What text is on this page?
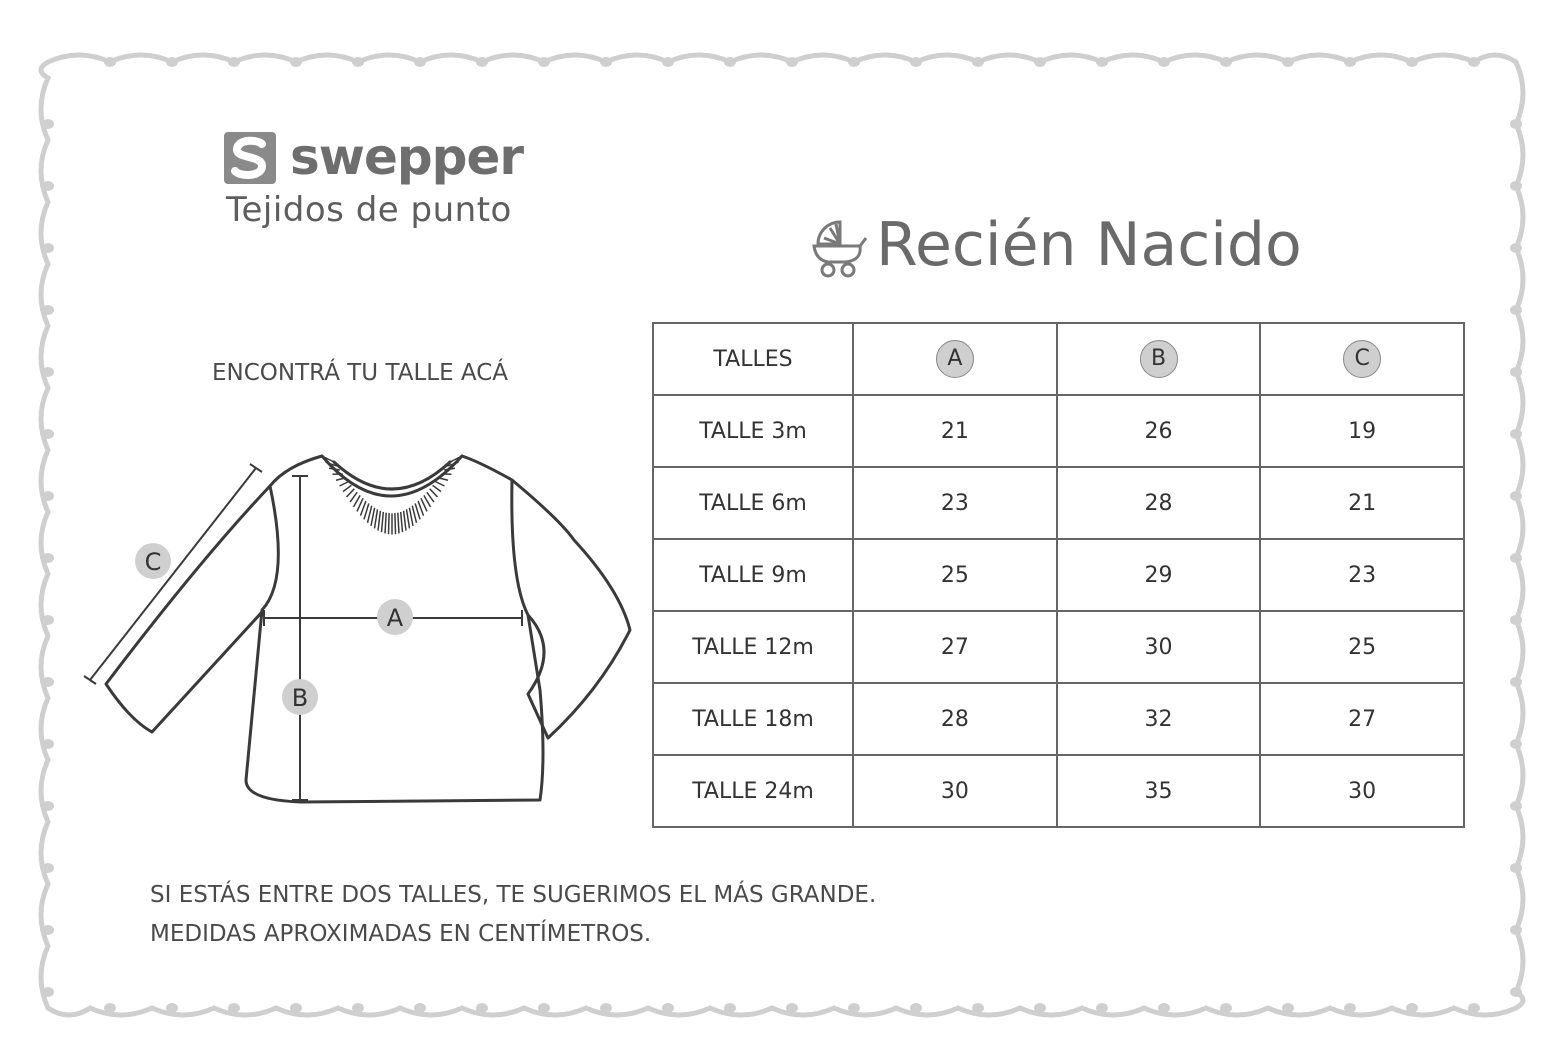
swepper
Tejidos de punto	Recién Nacido
ENCONTRÁ TU TALLE ACÁ
A
B
C
TALLES	A	B	C
TALLE 3m	21	26	19
TALLE 6m	23	28	21
TALLE 9m	25	29	23
TALLE 12m	27	30	25
TALLE 18m	28	32	27
TALLE 24m	30	35	30
SI ESTÁS ENTRE DOS TALLES, TE SUGERIMOS EL MÁS GRANDE.
MEDIDAS APROXIMADAS EN CENTÍMETROS.
